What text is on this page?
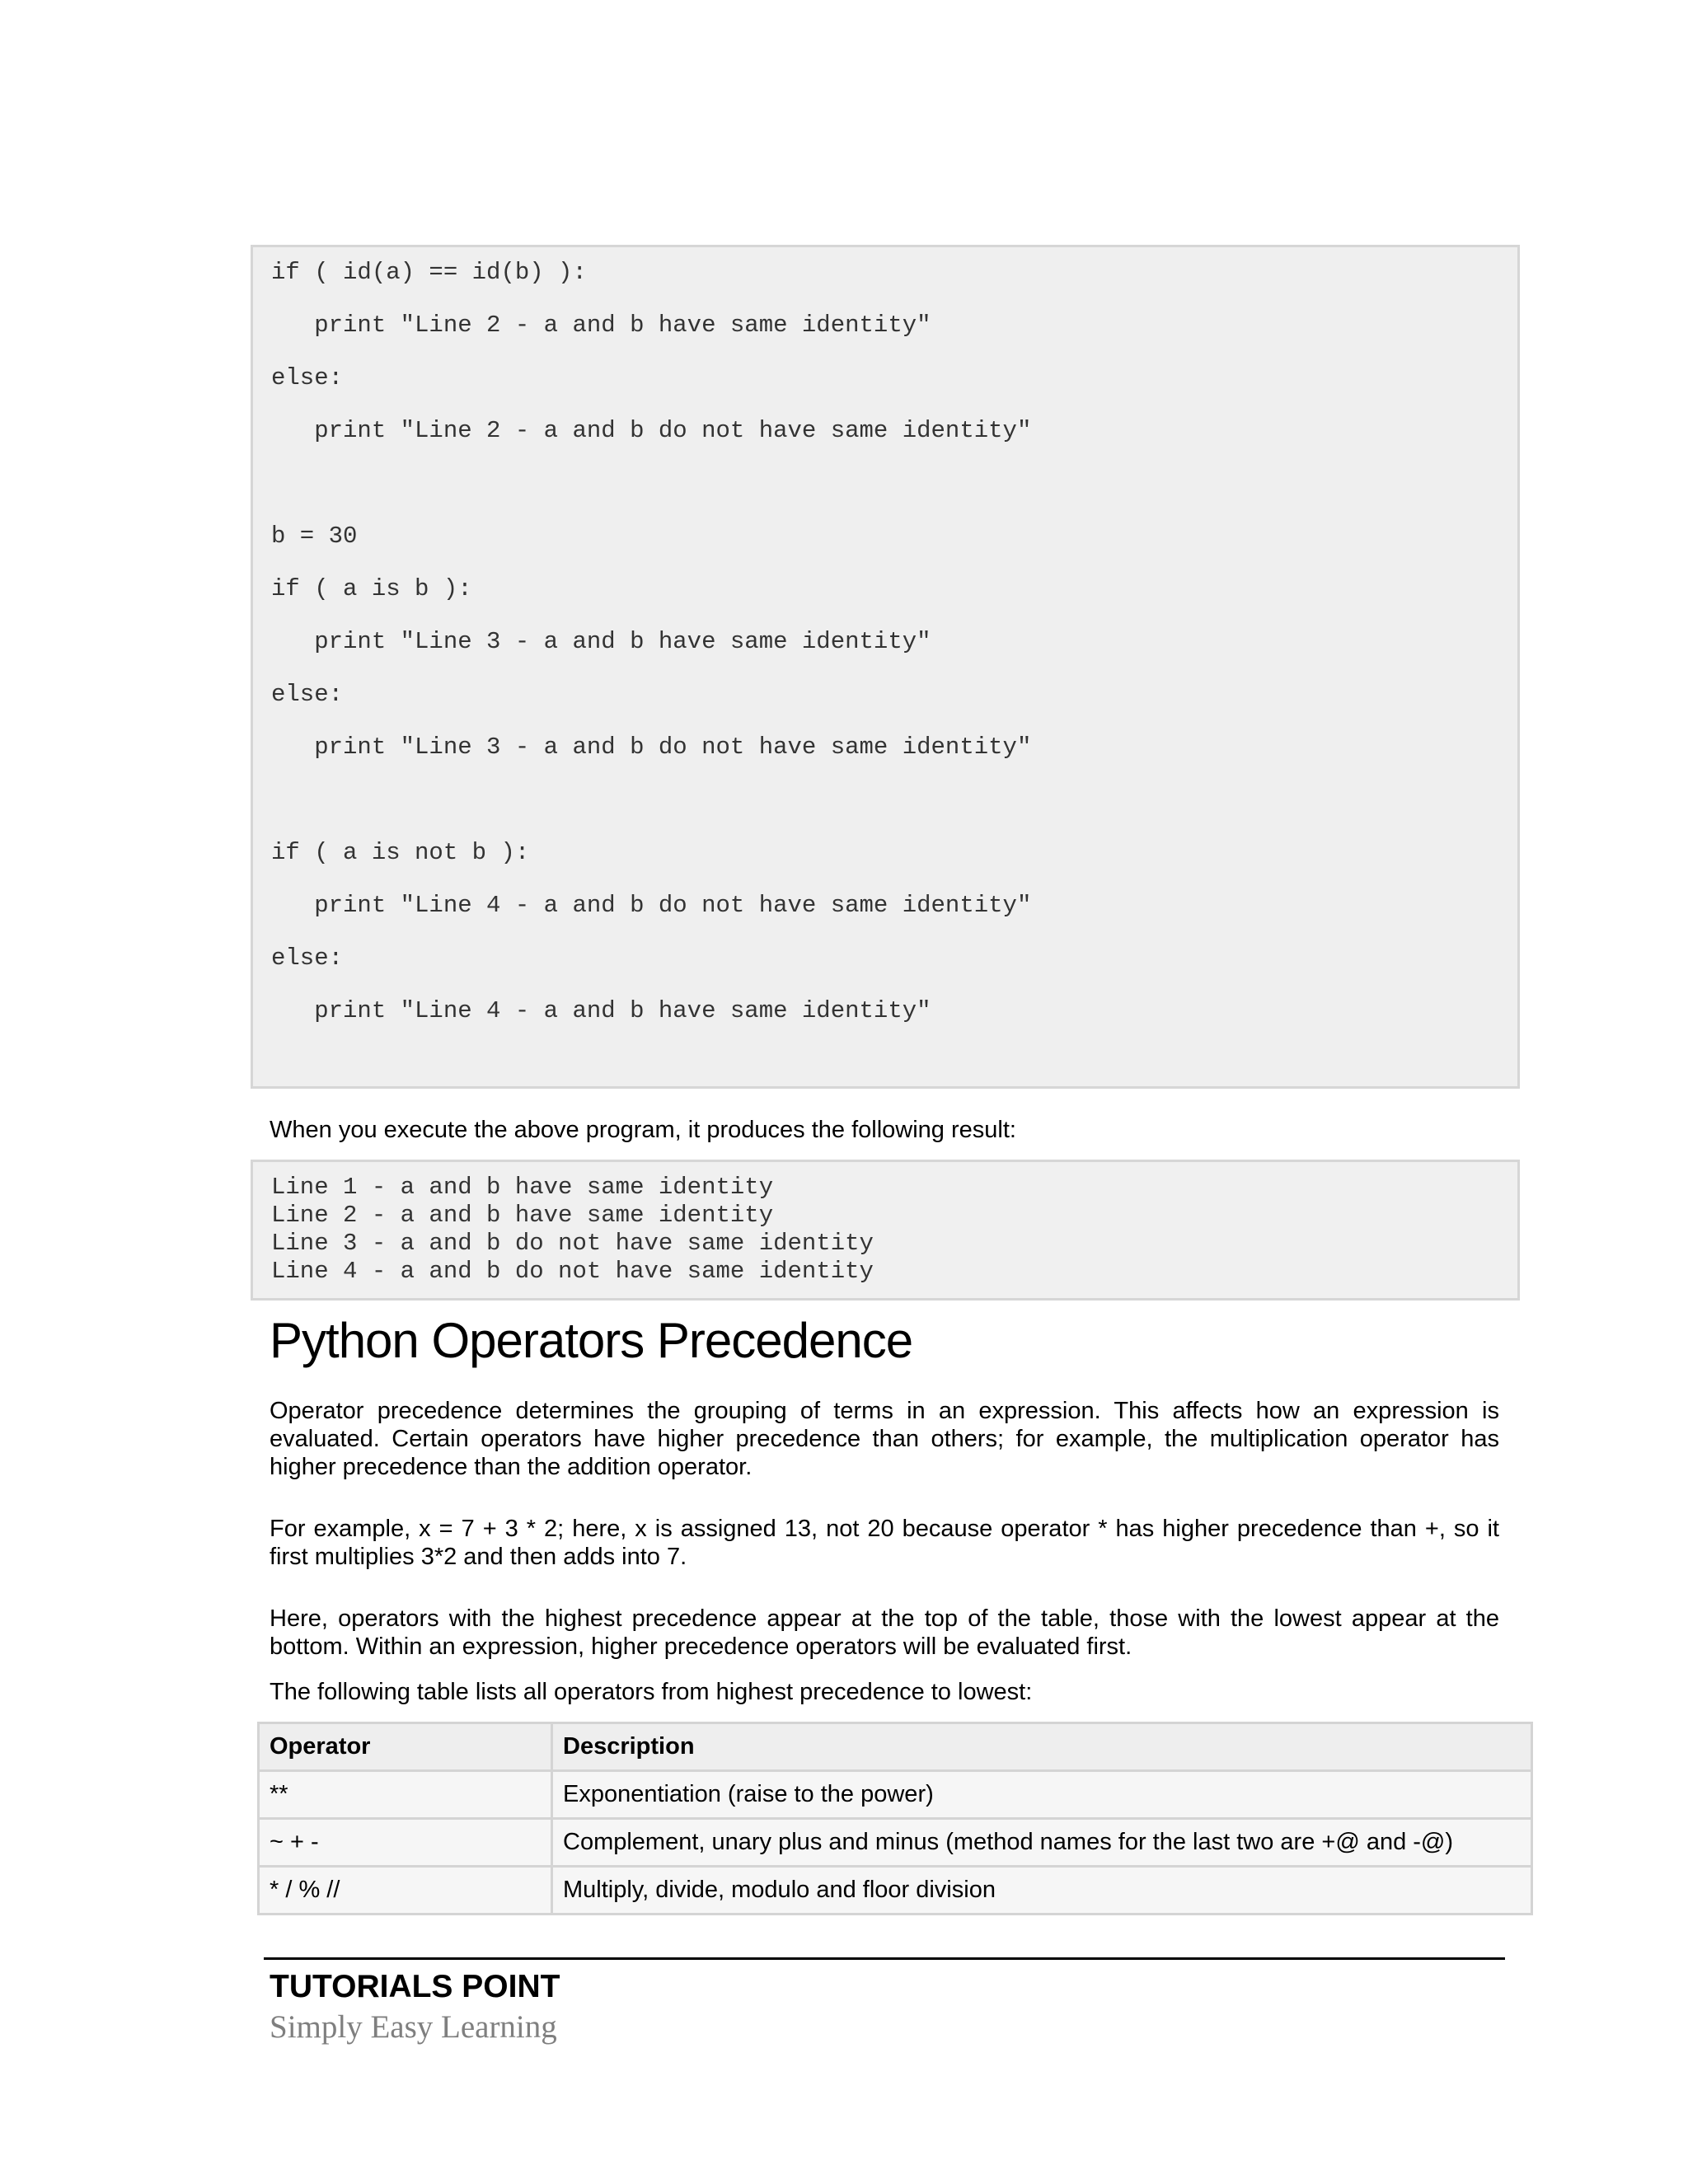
if ( id(a) == id(b) ):
print "Line 2 - a and b have same identity"
else:
print "Line 2 - a and b do not have same identity"
b = 30
if ( a is b ):
print "Line 3 - a and b have same identity"
else:
print "Line 3 - a and b do not have same identity"
if ( a is not b ):
print "Line 4 - a and b do not have same identity"
else:
print "Line 4 - a and b have same identity"

When you execute the above program, it produces the following result:

Line 1 - a and b have same identity
Line 2 - a and b have same identity
Line 3 - a and b do not have same identity
Line 4 - a and b do not have same identity
Python Operators Precedence

Operator precedence determines the grouping of terms in an expression. This affects how an expression is evaluated. Certain operators have higher precedence than others; for example, the multiplication operator has higher precedence than the addition operator.

For example, x = 7 + 3 * 2; here, x is assigned 13, not 20 because operator * has higher precedence than +, so it first multiplies 3*2 and then adds into 7.

Here, operators with the highest precedence appear at the top of the table, those with the lowest appear at the bottom. Within an expression, higher precedence operators will be evaluated first.

The following table lists all operators from highest precedence to lowest:

Operator	Description
**	Exponentiation (raise to the power)
~ + -	Complement, unary plus and minus (method names for the last two are +@ and -@)
* / % //	Multiply, divide, modulo and floor division
TUTORIALS POINT
Simply Easy Learning
